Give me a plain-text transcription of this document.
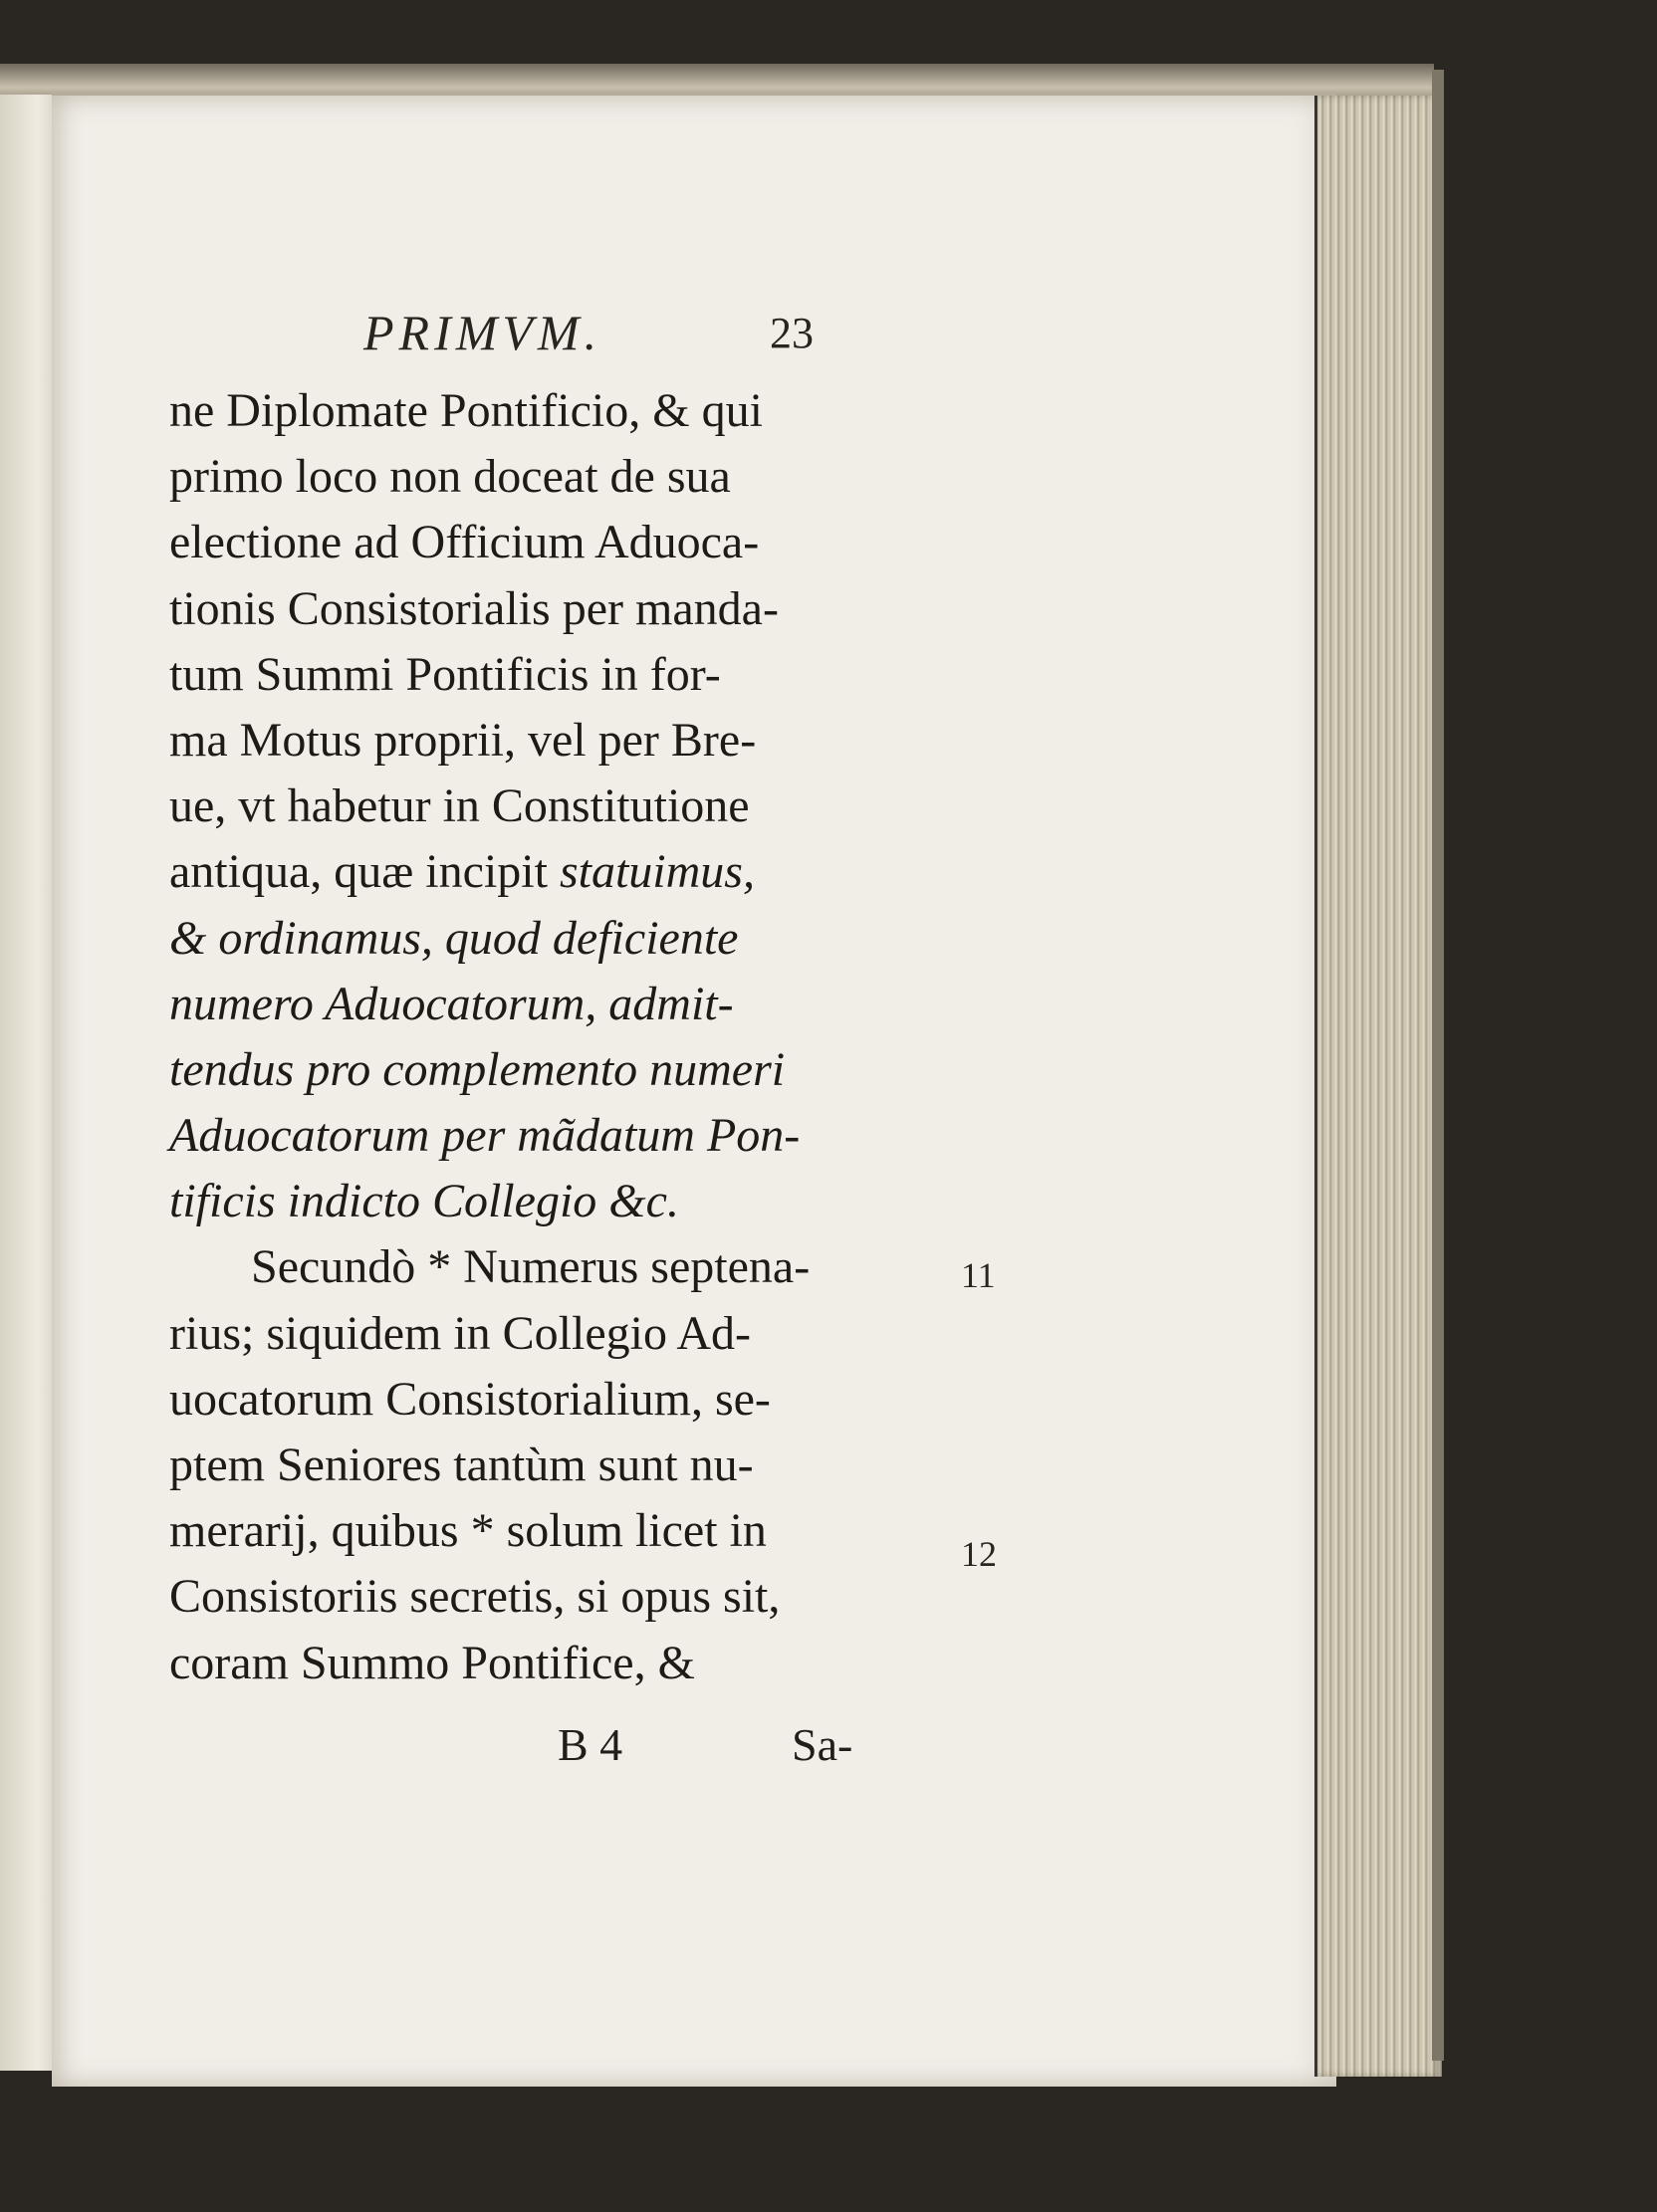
PRIMVM.	23
ne Diplomate Pontificio, & qui
primo loco non doceat de sua
electione ad Officium Aduoca-
tionis Consistorialis per manda-
tum Summi Pontificis in for-
ma Motus proprii, vel per Bre-
ue, vt habetur in Constitutione
antiqua, quæ incipit statuimus,
& ordinamus, quod deficiente
numero Aduocatorum, admit-
tendus pro complemento numeri
Aduocatorum per mãdatum Pon-
tificis indicto Collegio &c.
Secundò * Numerus septena-
rius; siquidem in Collegio Ad-
uocatorum Consistorialium, se-
ptem Seniores tantùm sunt nu-
merarij, quibus * solum licet in
Consistoriis secretis, si opus sit,
coram Summo Pontifice, &
11
12
B 4	Sa-
